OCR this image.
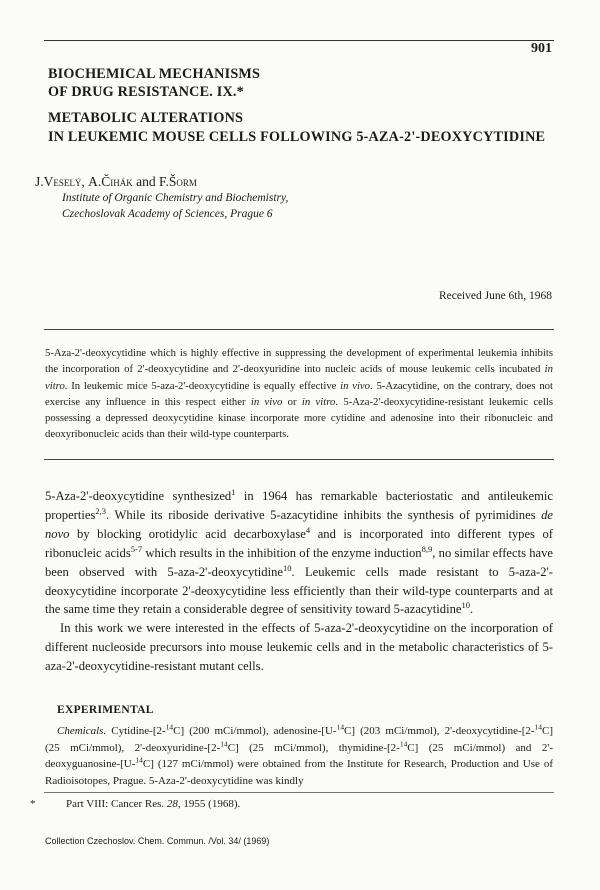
901
BIOCHEMICAL MECHANISMS
OF DRUG RESISTANCE. IX.*
METABOLIC ALTERATIONS
IN LEUKEMIC MOUSE CELLS FOLLOWING 5-AZA-2'-DEOXYCYTIDINE
J.Veselý, A.Čihák and F.Šorm
Institute of Organic Chemistry and Biochemistry,
Czechoslovak Academy of Sciences, Prague 6
Received June 6th, 1968
5-Aza-2'-deoxycytidine which is highly effective in suppressing the development of experimental leukemia inhibits the incorporation of 2'-deoxycytidine and 2'-deoxyuridine into nucleic acids of mouse leukemic cells incubated in vitro. In leukemic mice 5-aza-2'-deoxycytidine is equally effective in vivo. 5-Azacytidine, on the contrary, does not exercise any influence in this respect either in vivo or in vitro. 5-Aza-2'-deoxycytidine-resistant leukemic cells possessing a depressed deoxycytidine kinase incorporate more cytidine and adenosine into their ribonucleic and deoxyribonucleic acids than their wild-type counterparts.

5-Aza-2'-deoxycytidine synthesized$^1$ in 1964 has remarkable bacteriostatic and antileukemic properties$^{2,3}$. While its riboside derivative 5-azacytidine inhibits the synthesis of pyrimidines de novo by blocking orotidylic acid decarboxylase$^4$ and is incorporated into different types of ribonucleic acids$^{5-7}$ which results in the inhibition of the enzyme induction$^{8,9}$, no similar effects have been observed with 5-aza-2'-deoxycytidine$^{10}$. Leukemic cells made resistant to 5-aza-2'-deoxycytidine incorporate 2'-deoxycytidine less efficiently than their wild-type counterparts and at the same time they retain a considerable degree of sensitivity toward 5-azacytidine$^{10}$.

In this work we were interested in the effects of 5-aza-2'-deoxycytidine on the incorporation of different nucleoside precursors into mouse leukemic cells and in the metabolic characteristics of 5-aza-2'-deoxycytidine-resistant mutant cells.

EXPERIMENTAL
Chemicals. Cytidine-[2-$^{14}$C] (200 mCi/mmol), adenosine-[U-$^{14}$C] (203 mCi/mmol), 2'-deoxycytidine-[2-$^{14}$C] (25 mCi/mmol), 2'-deoxyuridine-[2-$^{14}$C] (25 mCi/mmol), thymidine-[2-$^{14}$C] (25 mCi/mmol) and 2'-deoxyguanosine-[U-$^{14}$C] (127 mCi/mmol) were obtained from the Institute for Research, Production and Use of Radioisotopes, Prague. 5-Aza-2'-deoxycytidine was kindly
*	Part VIII: Cancer Res. 28, 1955 (1968).
Collection Czechoslov. Chem. Commun. /Vol. 34/ (1969)
